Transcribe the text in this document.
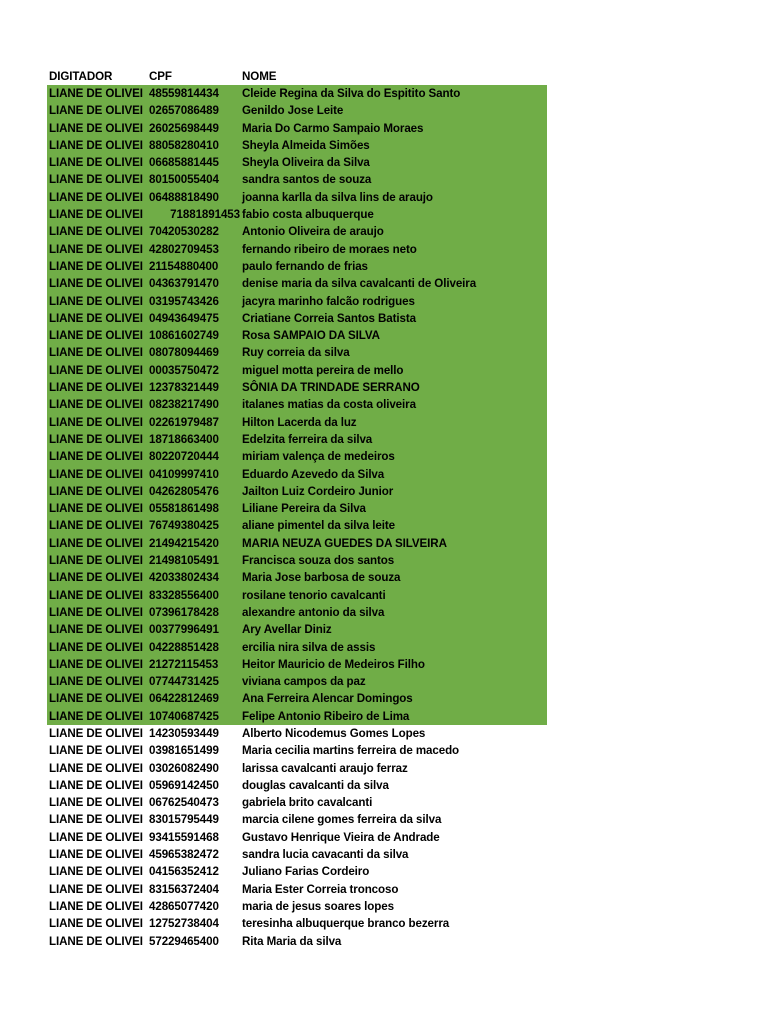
DIGITADOR	CPF	NOME
LIANE DE OLIVEI 48559814434	Cleide Regina da Silva do Espitito Santo
LIANE DE OLIVEI 02657086489	Genildo Jose Leite
LIANE DE OLIVEI 26025698449	Maria Do Carmo Sampaio Moraes
LIANE DE OLIVEI 88058280410	Sheyla Almeida Simões
LIANE DE OLIVEI 06685881445	Sheyla Oliveira da Silva
LIANE DE OLIVEI 80150055404	sandra santos de souza
LIANE DE OLIVEI 06488818490	joanna karlla da silva lins de araujo
LIANE DE OLIVEI	71881891453 fabio costa albuquerque
LIANE DE OLIVEI 70420530282	Antonio Oliveira de araujo
LIANE DE OLIVEI 42802709453	fernando ribeiro de moraes neto
LIANE DE OLIVEI 21154880400	paulo fernando de frias
LIANE DE OLIVEI 04363791470	denise maria da silva cavalcanti de Oliveira
LIANE DE OLIVEI 03195743426	jacyra marinho falcão rodrigues
LIANE DE OLIVEI 04943649475	Criatiane Correia Santos Batista
LIANE DE OLIVEI 10861602749	Rosa SAMPAIO DA SILVA
LIANE DE OLIVEI 08078094469	Ruy correia da silva
LIANE DE OLIVEI 00035750472	miguel motta pereira de mello
LIANE DE OLIVEI 12378321449	SÔNIA DA TRINDADE SERRANO
LIANE DE OLIVEI 08238217490	italanes matias da costa oliveira
LIANE DE OLIVEI 02261979487	Hilton Lacerda da luz
LIANE DE OLIVEI 18718663400	Edelzita ferreira da silva
LIANE DE OLIVEI 80220720444	miriam valença de medeiros
LIANE DE OLIVEI 04109997410	Eduardo Azevedo da Silva
LIANE DE OLIVEI 04262805476	Jailton Luiz Cordeiro Junior
LIANE DE OLIVEI 05581861498	Liliane Pereira da Silva
LIANE DE OLIVEI 76749380425	aliane pimentel da silva leite
LIANE DE OLIVEI 21494215420	MARIA NEUZA GUEDES DA SILVEIRA
LIANE DE OLIVEI 21498105491	Francisca souza dos santos
LIANE DE OLIVEI 42033802434	Maria Jose barbosa de souza
LIANE DE OLIVEI 83328556400	rosilane tenorio cavalcanti
LIANE DE OLIVEI 07396178428	alexandre antonio da silva
LIANE DE OLIVEI 00377996491	Ary Avellar Diniz
LIANE DE OLIVEI 04228851428	ercilia nira silva de assis
LIANE DE OLIVEI 21272115453	Heitor Mauricio de Medeiros Filho
LIANE DE OLIVEI 07744731425	viviana campos da paz
LIANE DE OLIVEI 06422812469	Ana Ferreira Alencar Domingos
LIANE DE OLIVEI 10740687425	Felipe Antonio Ribeiro de Lima
LIANE DE OLIVEI 14230593449	Alberto Nicodemus Gomes Lopes
LIANE DE OLIVEI 03981651499	Maria cecilia martins ferreira de macedo
LIANE DE OLIVEI 03026082490	larissa cavalcanti araujo ferraz
LIANE DE OLIVEI 05969142450	douglas cavalcanti da silva
LIANE DE OLIVEI 06762540473	gabriela brito cavalcanti
LIANE DE OLIVEI 83015795449	marcia cilene gomes ferreira da silva
LIANE DE OLIVEI 93415591468	Gustavo Henrique Vieira de Andrade
LIANE DE OLIVEI 45965382472	sandra lucia cavacanti da silva
LIANE DE OLIVEI 04156352412	Juliano Farias Cordeiro
LIANE DE OLIVEI 83156372404	Maria Ester Correia troncoso
LIANE DE OLIVEI 42865077420	maria de jesus soares lopes
LIANE DE OLIVEI 12752738404	teresinha albuquerque branco bezerra
LIANE DE OLIVEI 57229465400	Rita Maria da silva
